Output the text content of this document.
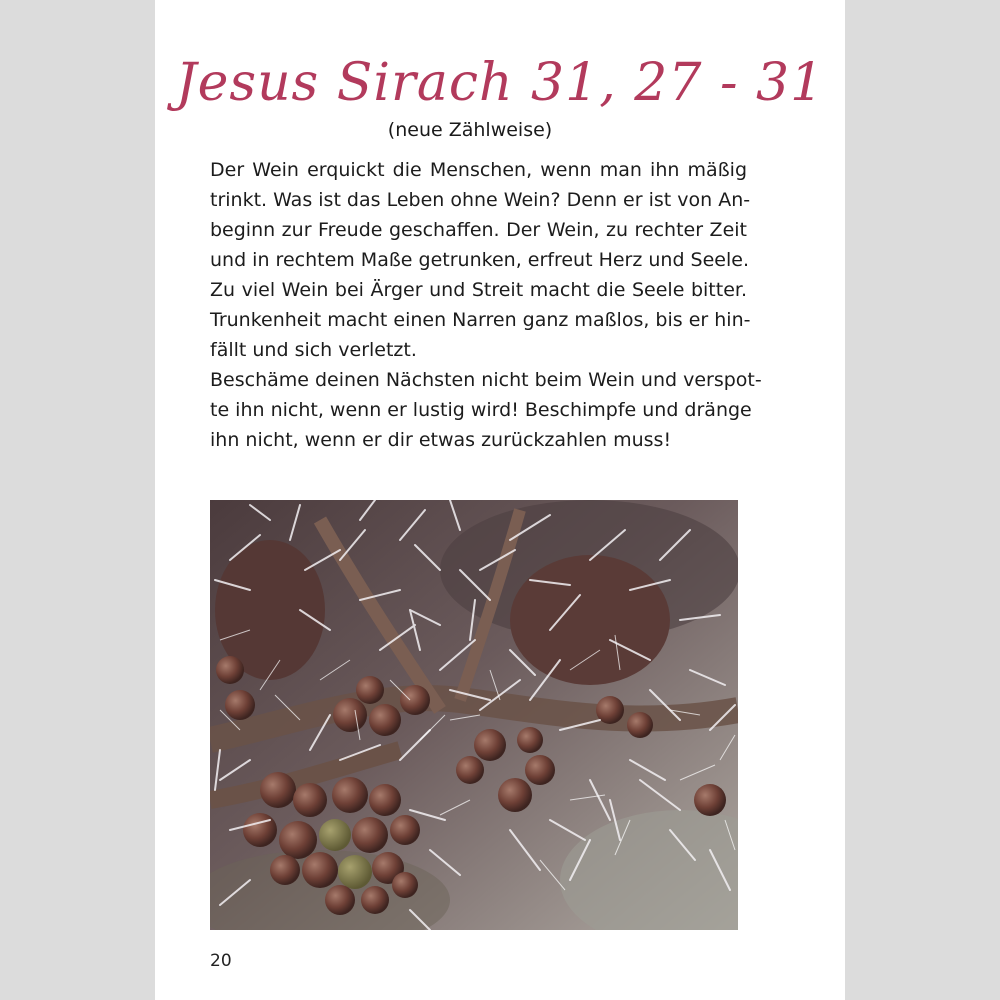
Jesus Sirach 31, 27 - 31
(neue Zählweise)
Der Wein erquickt die Menschen, wenn man ihn mäßig
trinkt. Was ist das Leben ohne Wein? Denn er ist von An-
beginn zur Freude geschaffen. Der Wein, zu rechter Zeit
und in rechtem Maße getrunken, erfreut Herz und Seele.
Zu viel Wein bei Ärger und Streit macht die Seele bitter.
Trunkenheit macht einen Narren ganz maßlos, bis er hin-
fällt und sich verletzt.
Beschäme deinen Nächsten nicht beim Wein und verspot-
te ihn nicht, wenn er lustig wird! Beschimpfe und dränge
ihn nicht, wenn er dir etwas zurückzahlen muss!
20
